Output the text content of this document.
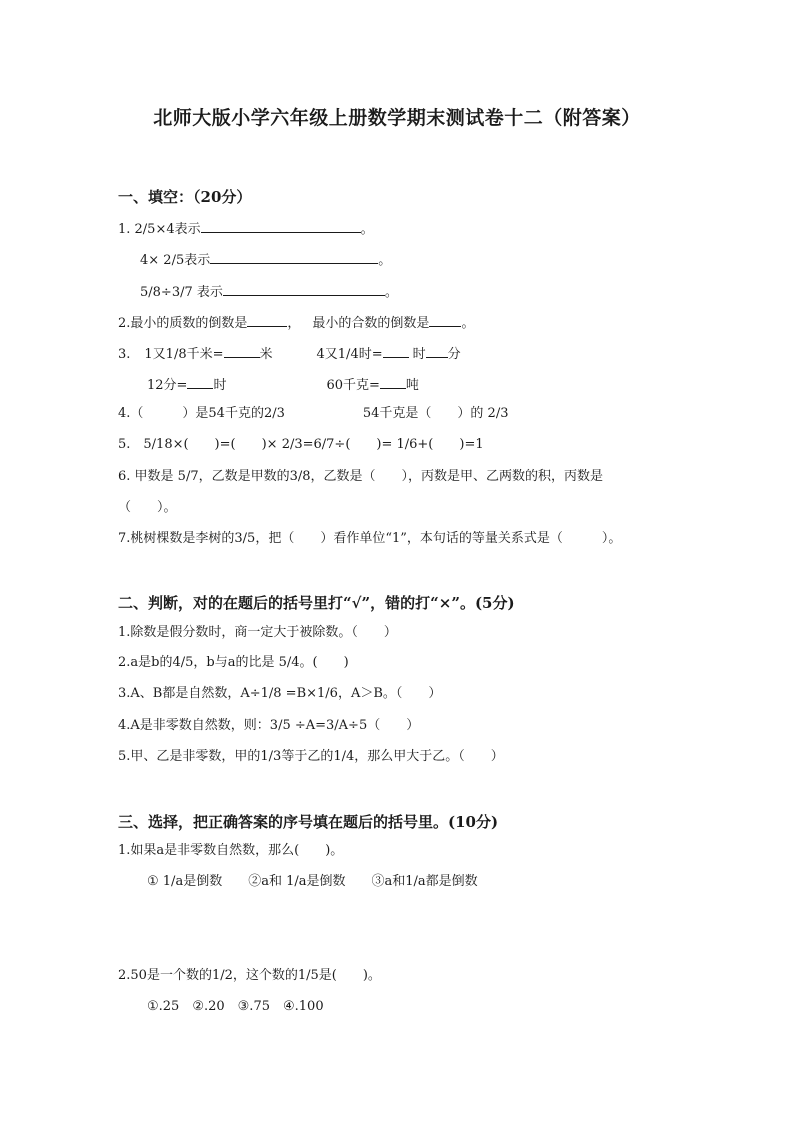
北师大版小学六年级上册数学期末测试卷十二（附答案）
一、填空：（20分）
1. 2/5×4表示	。
4× 2/5表示	。
5/8÷3/7 表示	。
2.最小的质数的倒数是	， 最小的合数的倒数是 。
3. 1又1/8千米=	米	4又1/4时= 时 分
12分= 时	60千克= 吨
4.（　　　）是54千克的2/3	54千克是（　　）的 2/3
5.　5/18×(　　)=(　　)× 2/3=6/7÷(　　)= 1/6+(　　)=1
6. 甲数是 5/7，乙数是甲数的3/8，乙数是（　　），丙数是甲、乙两数的积，丙数是
（　　）。
7.桃树棵数是李树的3/5，把（　　）看作单位“1”，本句话的等量关系式是（　　　）。
二、判断，对的在题后的括号里打“√”，错的打“×”。(5分)
1.除数是假分数时，商一定大于被除数。（　　）
2.a是b的4/5，b与a的比是 5/4。(　　)
3.A、B都是自然数，A÷1/8 =B×1/6，A＞B。（　　）
4.A是非零数自然数，则：3/5 ÷A=3/A÷5（　　）
5.甲、乙是非零数，甲的1/3等于乙的1/4，那么甲大于乙。（　　）
三、选择，把正确答案的序号填在题后的括号里。(10分)
1.如果a是非零数自然数，那么(　　)。
① 1/a是倒数　　②a和 1/a是倒数　　③a和1/a都是倒数
2.50是一个数的1/2，这个数的1/5是(　　)。
①.25　②.20　③.75　④.100
